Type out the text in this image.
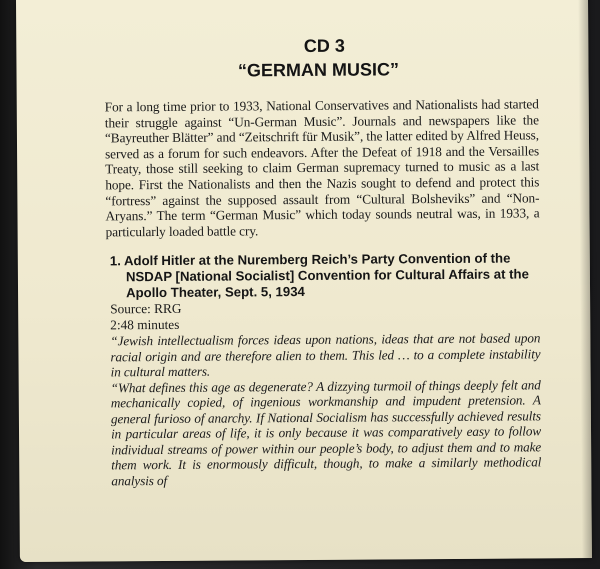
CD 3
“GERMAN MUSIC”

For a long time prior to 1933, National Conservatives and Nationalists had started their struggle against “Un-German Music”. Journals and newspapers like the “Bayreuther Blätter” and “Zeitschrift für Musik”, the latter edited by Alfred Heuss, served as a forum for such endeavors. After the Defeat of 1918 and the Versailles Treaty, those still seeking to claim German supremacy turned to music as a last hope. First the Nationalists and then the Nazis sought to defend and protect this “fortress” against the supposed assault from “Cultural Bolsheviks” and “Non-Aryans.” The term “German Music” which today sounds neutral was, in 1933, a particularly loaded battle cry.

1. Adolf Hitler at the Nuremberg Reich’s Party Convention of the NSDAP [National Socialist] Convention for Cultural Affairs at the Apollo Theater, Sept. 5, 1934
Source: RRG
2:48 minutes

“Jewish intellectualism forces ideas upon nations, ideas that are not based upon racial origin and are therefore alien to them. This led … to a complete instability in cultural matters.

“What defines this age as degenerate? A dizzying turmoil of things deeply felt and mechanically copied, of ingenious workmanship and impudent pretension. A general furioso of anarchy. If National Socialism has successfully achieved results in particular areas of life, it is only because it was comparatively easy to follow individual streams of power within our people’s body, to adjust them and to make them work. It is enormously difficult, though, to make a similarly methodical analysis of
